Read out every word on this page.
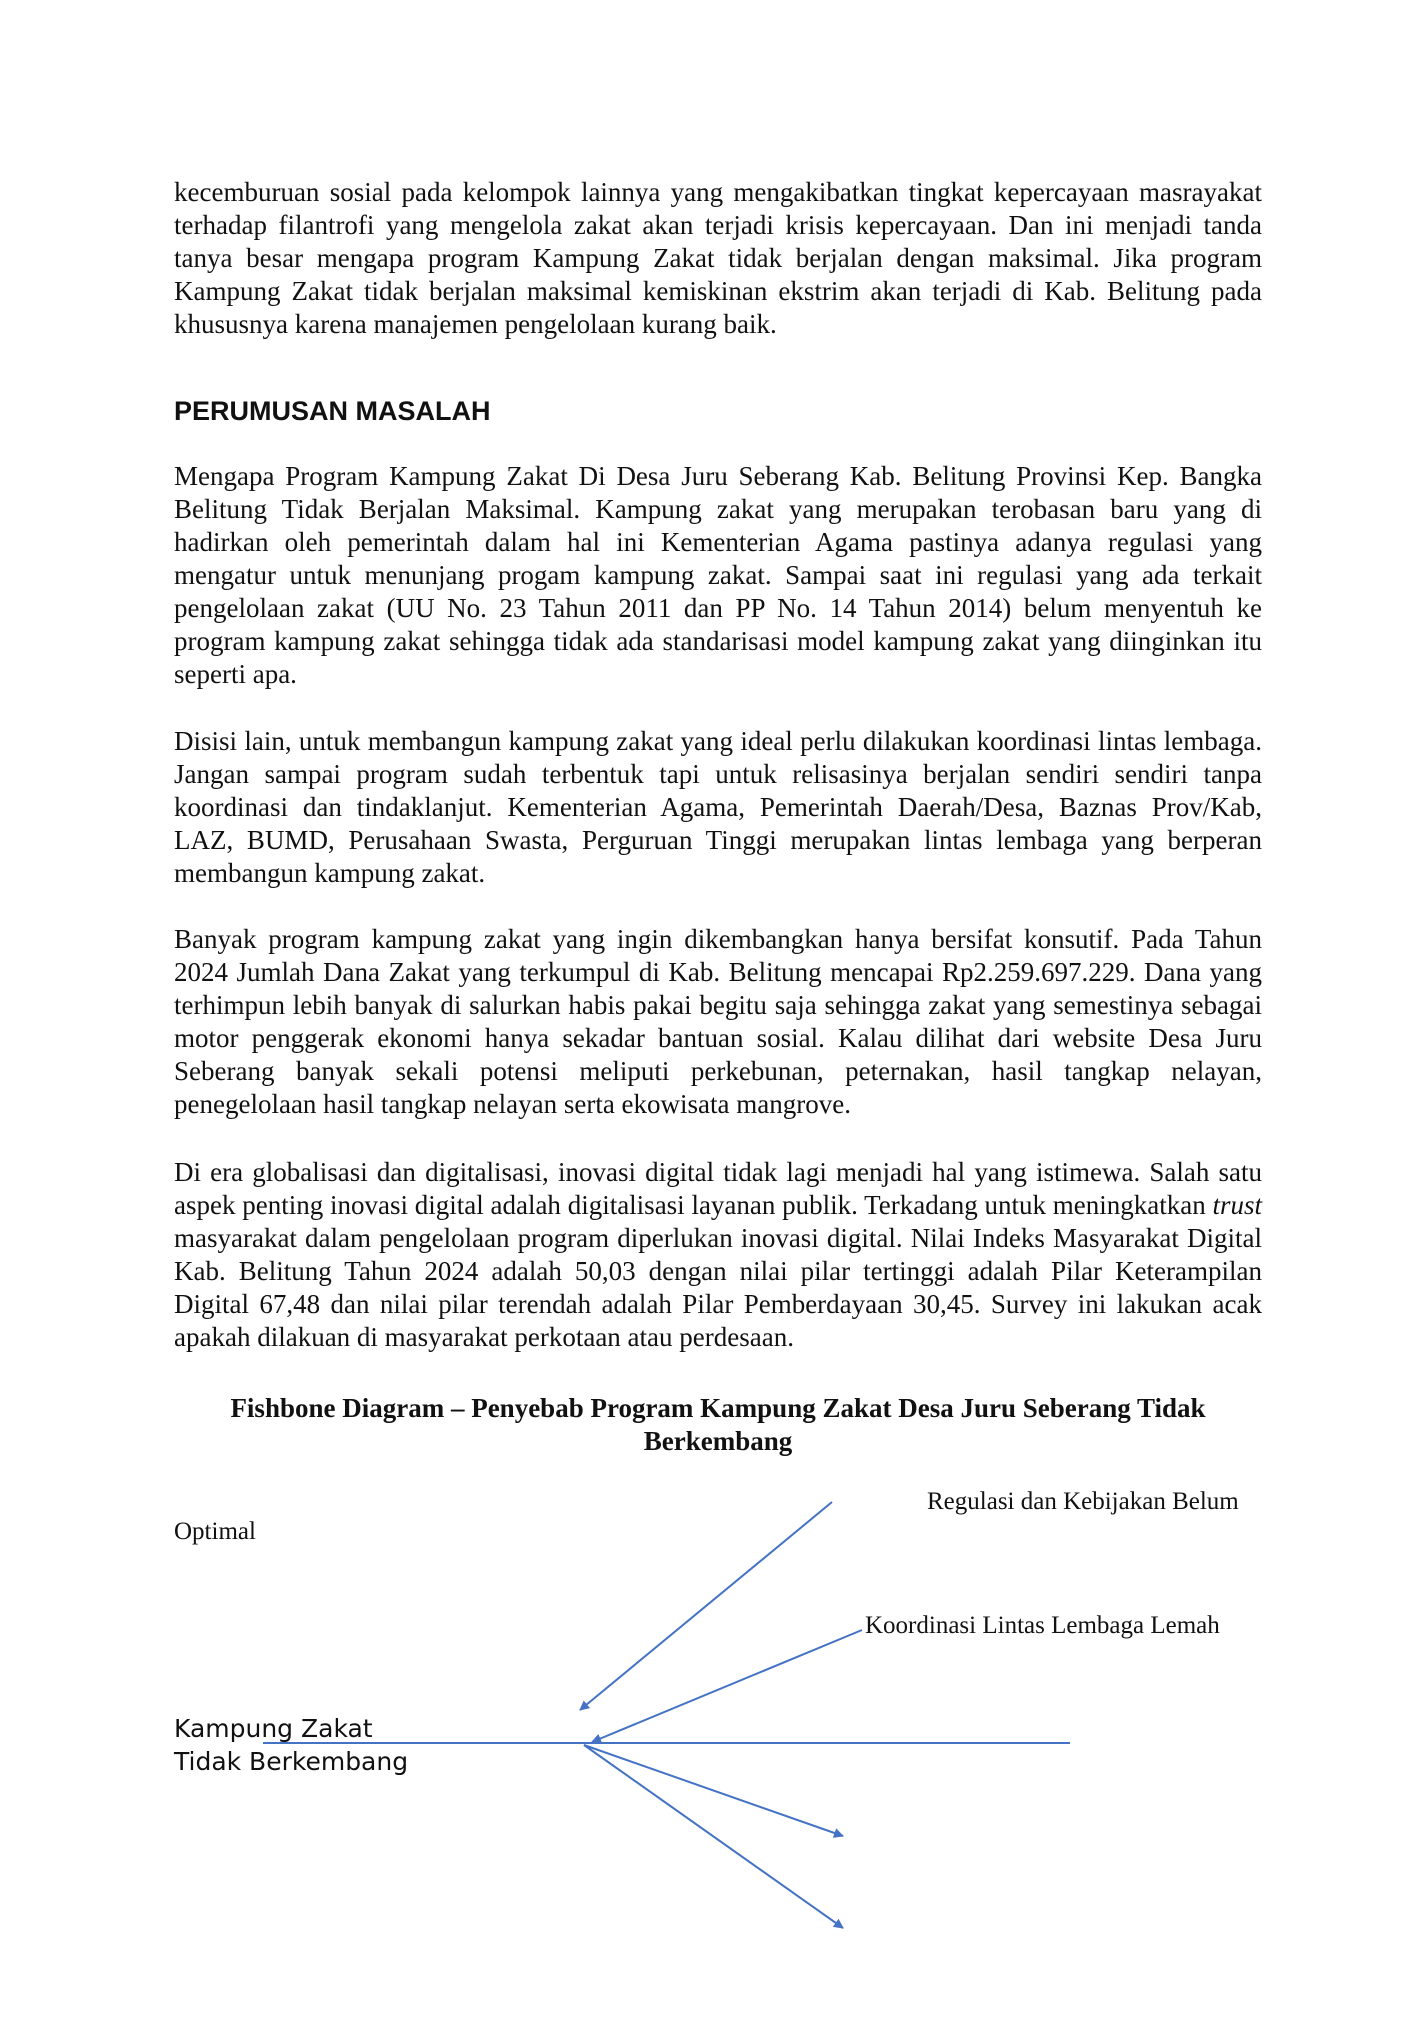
kecemburuan sosial pada kelompok lainnya yang mengakibatkan tingkat kepercayaan masrayakat terhadap filantrofi yang mengelola zakat akan terjadi krisis kepercayaan. Dan ini menjadi tanda tanya besar mengapa program Kampung Zakat tidak berjalan dengan maksimal. Jika program Kampung Zakat tidak berjalan maksimal kemiskinan ekstrim akan terjadi di Kab. Belitung pada khususnya karena manajemen pengelolaan kurang baik.

PERUMUSAN MASALAH

Mengapa Program Kampung Zakat Di Desa Juru Seberang Kab. Belitung Provinsi Kep. Bangka Belitung Tidak Berjalan Maksimal. Kampung zakat yang merupakan terobasan baru yang di hadirkan oleh pemerintah dalam hal ini Kementerian Agama pastinya adanya regulasi yang mengatur untuk menunjang progam kampung zakat. Sampai saat ini regulasi yang ada terkait pengelolaan zakat (UU No. 23 Tahun 2011 dan PP No. 14 Tahun 2014) belum menyentuh ke program kampung zakat sehingga tidak ada standarisasi model kampung zakat yang diinginkan itu seperti apa.

Disisi lain, untuk membangun kampung zakat yang ideal perlu dilakukan koordinasi lintas lembaga. Jangan sampai program sudah terbentuk tapi untuk relisasinya berjalan sendiri sendiri tanpa koordinasi dan tindaklanjut. Kementerian Agama, Pemerintah Daerah/Desa, Baznas Prov/Kab, LAZ, BUMD, Perusahaan Swasta, Perguruan Tinggi merupakan lintas lembaga yang berperan membangun kampung zakat.

Banyak program kampung zakat yang ingin dikembangkan hanya bersifat konsutif. Pada Tahun 2024 Jumlah Dana Zakat yang terkumpul di Kab. Belitung mencapai Rp2.259.697.229. Dana yang terhimpun lebih banyak di salurkan habis pakai begitu saja sehingga zakat yang semestinya sebagai motor penggerak ekonomi hanya sekadar bantuan sosial. Kalau dilihat dari website Desa Juru Seberang banyak sekali potensi meliputi perkebunan, peternakan, hasil tangkap nelayan, penegelolaan hasil tangkap nelayan serta ekowisata mangrove.

Di era globalisasi dan digitalisasi, inovasi digital tidak lagi menjadi hal yang istimewa. Salah satu aspek penting inovasi digital adalah digitalisasi layanan publik. Terkadang untuk meningkatkan trust masyarakat dalam pengelolaan program diperlukan inovasi digital. Nilai Indeks Masyarakat Digital Kab. Belitung Tahun 2024 adalah 50,03 dengan nilai pilar tertinggi adalah Pilar Keterampilan Digital 67,48 dan nilai pilar terendah adalah Pilar Pemberdayaan 30,45. Survey ini lakukan acak apakah dilakuan di masyarakat perkotaan atau perdesaan.

Fishbone Diagram – Penyebab Program Kampung Zakat Desa Juru Seberang Tidak Berkembang

Regulasi dan Kebijakan Belum
Optimal
Koordinasi Lintas Lembaga Lemah
Kampung Zakat
Tidak Berkembang
